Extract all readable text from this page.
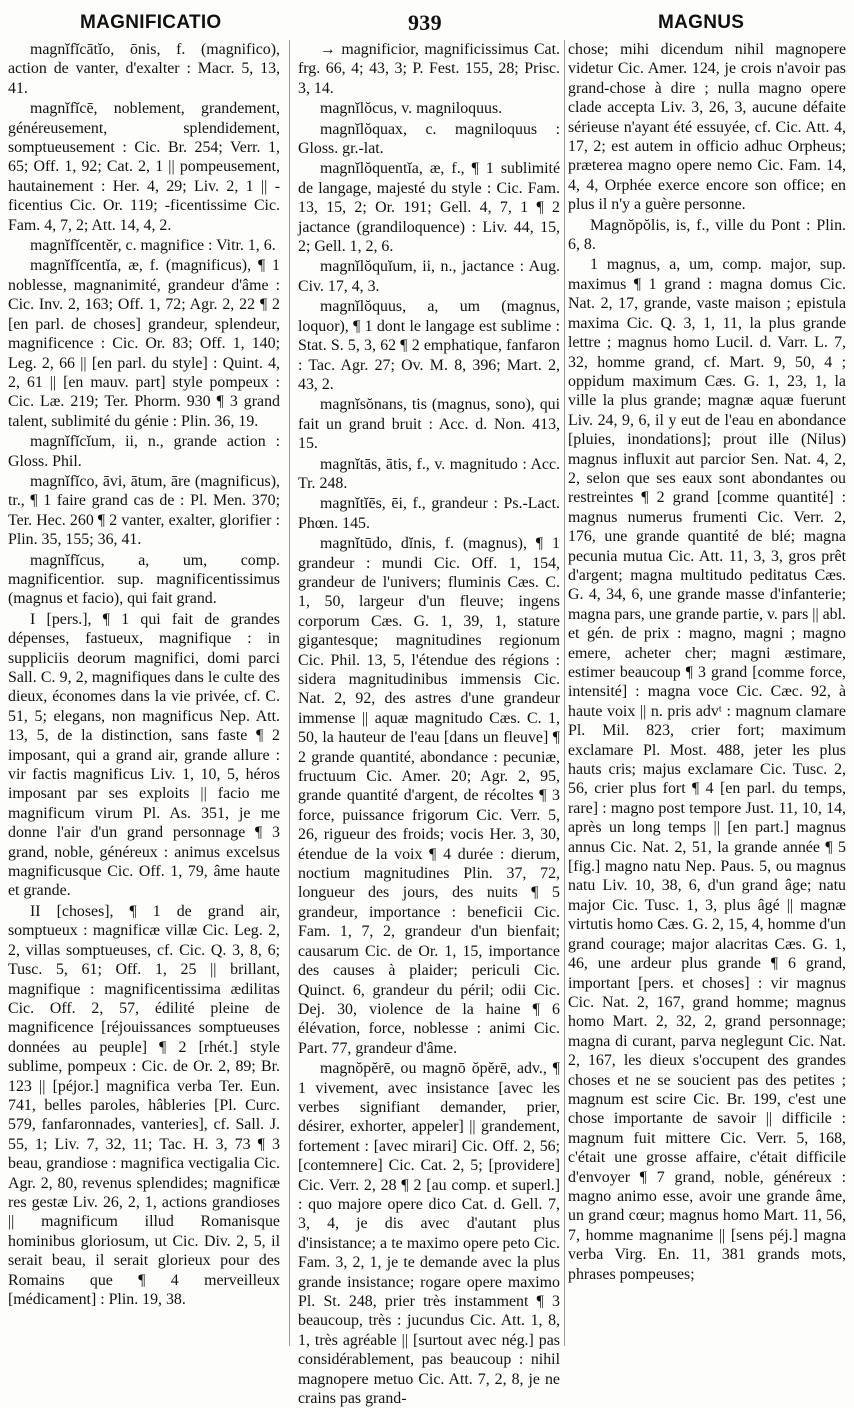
MAGNIFICATIO	939	MAGNUS

magnĭfĭcātĭo, ōnis, f. (magnifico), action de vanter, d'exalter : Macr. 5, 13, 41.

magnĭfĭcē, noblement, grandement, généreusement, splendidement, somptueusement : Cic. Br. 254; Verr. 1, 65; Off. 1, 92; Cat. 2, 1 || pompeusement, hautainement : Her. 4, 29; Liv. 2, 1 || -ficentius Cic. Or. 119; -ficentissime Cic. Fam. 4, 7, 2; Att. 14, 4, 2.

magnĭfĭcentĕr, c. magnifice : Vitr. 1, 6.

magnĭfĭcentĭa, æ, f. (magnificus), ¶ 1 noblesse, magnanimité, grandeur d'âme : Cic. Inv. 2, 163; Off. 1, 72; Agr. 2, 22 ¶ 2 [en parl. de choses] grandeur, splendeur, magnificence : Cic. Or. 83; Off. 1, 140; Leg. 2, 66 || [en parl. du style] : Quint. 4, 2, 61 || [en mauv. part] style pompeux : Cic. Læ. 219; Ter. Phorm. 930 ¶ 3 grand talent, sublimité du génie : Plin. 36, 19.

magnĭfĭcĭum, ii, n., grande action : Gloss. Phil.

magnĭfĭco, āvi, ātum, āre (magnificus), tr., ¶ 1 faire grand cas de : Pl. Men. 370; Ter. Hec. 260 ¶ 2 vanter, exalter, glorifier : Plin. 35, 155; 36, 41.

magnĭfĭcus, a, um, comp. magnificentior. sup. magnificentissimus (magnus et facio), qui fait grand.

I [pers.], ¶ 1 qui fait de grandes dépenses, fastueux, magnifique : in suppliciis deorum magnifici, domi parci Sall. C. 9, 2, magnifiques dans le culte des dieux, économes dans la vie privée, cf. C. 51, 5; elegans, non magnificus Nep. Att. 13, 5, de la distinction, sans faste ¶ 2 imposant, qui a grand air, grande allure : vir factis magnificus Liv. 1, 10, 5, héros imposant par ses exploits || facio me magnificum virum Pl. As. 351, je me donne l'air d'un grand personnage ¶ 3 grand, noble, généreux : animus excelsus magnificusque Cic. Off. 1, 79, âme haute et grande.

II [choses], ¶ 1 de grand air, somptueux : magnificæ villæ Cic. Leg. 2, 2, villas somptueuses, cf. Cic. Q. 3, 8, 6; Tusc. 5, 61; Off. 1, 25 || brillant, magnifique : magnificentissima ædilitas Cic. Off. 2, 57, édilité pleine de magnificence [réjouissances somptueuses données au peuple] ¶ 2 [rhét.] style sublime, pompeux : Cic. de Or. 2, 89; Br. 123 || [péjor.] magnifica verba Ter. Eun. 741, belles paroles, hâbleries [Pl. Curc. 579, fanfaronnades, vanteries], cf. Sall. J. 55, 1; Liv. 7, 32, 11; Tac. H. 3, 73 ¶ 3 beau, grandiose : magnifica vectigalia Cic. Agr. 2, 80, revenus splendides; magnificæ res gestæ Liv. 26, 2, 1, actions grandioses || magnificum illud Romanisque hominibus gloriosum, ut Cic. Div. 2, 5, il serait beau, il serait glorieux pour des Romains que ¶ 4 merveilleux [médicament] : Plin. 19, 38.

→ magnificior, magnificissimus Cat. frg. 66, 4; 43, 3; P. Fest. 155, 28; Prisc. 3, 14.

magnĭlŏcus, v. magniloquus.

magnĭlŏquax, c. magniloquus : Gloss. gr.-lat.

magnĭlŏquentĭa, æ, f., ¶ 1 sublimité de langage, majesté du style : Cic. Fam. 13, 15, 2; Or. 191; Gell. 4, 7, 1 ¶ 2 jactance (grandiloquence) : Liv. 44, 15, 2; Gell. 1, 2, 6.

magnĭlŏquĭum, ii, n., jactance : Aug. Civ. 17, 4, 3.

magnĭlŏquus, a, um (magnus, loquor), ¶ 1 dont le langage est sublime : Stat. S. 5, 3, 62 ¶ 2 emphatique, fanfaron : Tac. Agr. 27; Ov. M. 8, 396; Mart. 2, 43, 2.

magnĭsŏnans, tis (magnus, sono), qui fait un grand bruit : Acc. d. Non. 413, 15.

magnĭtās, ātis, f., v. magnitudo : Acc. Tr. 248.

magnĭtĭēs, ēi, f., grandeur : Ps.-Lact. Phœn. 145.

magnĭtūdo, dĭnis, f. (magnus), ¶ 1 grandeur : mundi Cic. Off. 1, 154, grandeur de l'univers; fluminis Cæs. C. 1, 50, largeur d'un fleuve; ingens corporum Cæs. G. 1, 39, 1, stature gigantesque; magnitudines regionum Cic. Phil. 13, 5, l'étendue des régions : sidera magnitudinibus immensis Cic. Nat. 2, 92, des astres d'une grandeur immense || aquæ magnitudo Cæs. C. 1, 50, la hauteur de l'eau [dans un fleuve] ¶ 2 grande quantité, abondance : pecuniæ, fructuum Cic. Amer. 20; Agr. 2, 95, grande quantité d'argent, de récoltes ¶ 3 force, puissance frigorum Cic. Verr. 5, 26, rigueur des froids; vocis Her. 3, 30, étendue de la voix ¶ 4 durée : dierum, noctium magnitudines Plin. 37, 72, longueur des jours, des nuits ¶ 5 grandeur, importance : beneficii Cic. Fam. 1, 7, 2, grandeur d'un bienfait; causarum Cic. de Or. 1, 15, importance des causes à plaider; periculi Cic. Quinct. 6, grandeur du péril; odii Cic. Dej. 30, violence de la haine ¶ 6 élévation, force, noblesse : animi Cic. Part. 77, grandeur d'âme.

magnŏpĕrē, ou magnō ŏpĕrē, adv., ¶ 1 vivement, avec insistance [avec les verbes signifiant demander, prier, désirer, exhorter, appeler] || grandement, fortement : [avec mirari] Cic. Off. 2, 56; [contemnere] Cic. Cat. 2, 5; [providere] Cic. Verr. 2, 28 ¶ 2 [au comp. et superl.] : quo majore opere dico Cat. d. Gell. 7, 3, 4, je dis avec d'autant plus d'insistance; a te maximo opere peto Cic. Fam. 3, 2, 1, je te demande avec la plus grande insistance; rogare opere maximo Pl. St. 248, prier très instamment ¶ 3 beaucoup, très : jucundus Cic. Att. 1, 8, 1, très agréable || [surtout avec nég.] pas considérablement, pas beaucoup : nihil magnopere metuo Cic. Att. 7, 2, 8, je ne crains pas grand-

chose; mihi dicendum nihil magnopere videtur Cic. Amer. 124, je crois n'avoir pas grand-chose à dire ; nulla magno opere clade accepta Liv. 3, 26, 3, aucune défaite sérieuse n'ayant été essuyée, cf. Cic. Att. 4, 17, 2; est autem in officio adhuc Orpheus; præterea magno opere nemo Cic. Fam. 14, 4, 4, Orphée exerce encore son office; en plus il n'y a guère personne.

Magnŏpŏlis, is, f., ville du Pont : Plin. 6, 8.

1 magnus, a, um, comp. major, sup. maximus ¶ 1 grand : magna domus Cic. Nat. 2, 17, grande, vaste maison ; epistula maxima Cic. Q. 3, 1, 11, la plus grande lettre ; magnus homo Lucil. d. Varr. L. 7, 32, homme grand, cf. Mart. 9, 50, 4 ; oppidum maximum Cæs. G. 1, 23, 1, la ville la plus grande; magnæ aquæ fuerunt Liv. 24, 9, 6, il y eut de l'eau en abondance [pluies, inondations]; prout ille (Nilus) magnus influxit aut parcior Sen. Nat. 4, 2, 2, selon que ses eaux sont abondantes ou restreintes ¶ 2 grand [comme quantité] : magnus numerus frumenti Cic. Verr. 2, 176, une grande quantité de blé; magna pecunia mutua Cic. Att. 11, 3, 3, gros prêt d'argent; magna multitudo peditatus Cæs. G. 4, 34, 6, une grande masse d'infanterie; magna pars, une grande partie, v. pars || abl. et gén. de prix : magno, magni ; magno emere, acheter cher; magni æstimare, estimer beaucoup ¶ 3 grand [comme force, intensité] : magna voce Cic. Cæc. 92, à haute voix || n. pris advᵗ : magnum clamare Pl. Mil. 823, crier fort; maximum exclamare Pl. Most. 488, jeter les plus hauts cris; majus exclamare Cic. Tusc. 2, 56, crier plus fort ¶ 4 [en parl. du temps, rare] : magno post tempore Just. 11, 10, 14, après un long temps || [en part.] magnus annus Cic. Nat. 2, 51, la grande année ¶ 5 [fig.] magno natu Nep. Paus. 5, ou magnus natu Liv. 10, 38, 6, d'un grand âge; natu major Cic. Tusc. 1, 3, plus âgé || magnæ virtutis homo Cæs. G. 2, 15, 4, homme d'un grand courage; major alacritas Cæs. G. 1, 46, une ardeur plus grande ¶ 6 grand, important [pers. et choses] : vir magnus Cic. Nat. 2, 167, grand homme; magnus homo Mart. 2, 32, 2, grand personnage; magna di curant, parva neglegunt Cic. Nat. 2, 167, les dieux s'occupent des grandes choses et ne se soucient pas des petites ; magnum est scire Cic. Br. 199, c'est une chose importante de savoir || difficile : magnum fuit mittere Cic. Verr. 5, 168, c'était une grosse affaire, c'était difficile d'envoyer ¶ 7 grand, noble, généreux : magno animo esse, avoir une grande âme, un grand cœur; magnus homo Mart. 11, 56, 7, homme magnanime || [sens péj.] magna verba Virg. En. 11, 381 grands mots, phrases pompeuses;
